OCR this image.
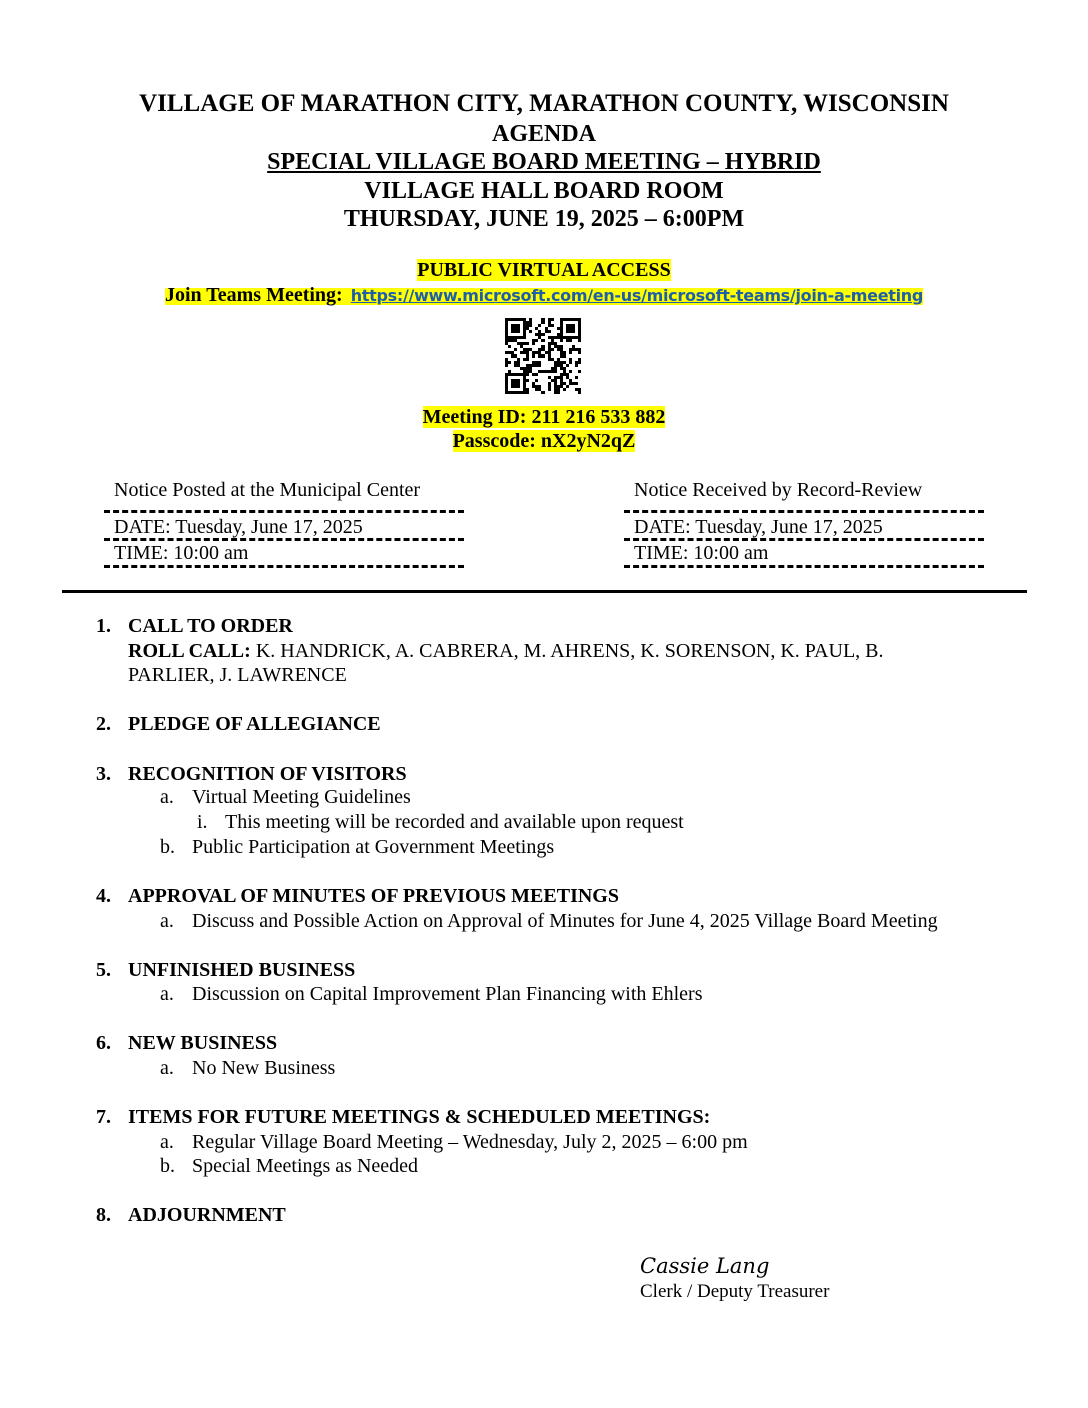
VILLAGE OF MARATHON CITY, MARATHON COUNTY, WISCONSIN
AGENDA
SPECIAL VILLAGE BOARD MEETING – HYBRID
VILLAGE HALL BOARD ROOM
THURSDAY, JUNE 19, 2025 – 6:00PM
PUBLIC VIRTUAL ACCESS
Join Teams Meeting: https://www.microsoft.com/en-us/microsoft-teams/join-a-meeting
Meeting ID: 211 216 533 882
Passcode: nX2yN2qZ
Notice Posted at the Municipal Center
DATE: Tuesday, June 17, 2025
TIME: 10:00 am
Notice Received by Record-Review
DATE: Tuesday, June 17, 2025
TIME: 10:00 am
1. CALL TO ORDER
ROLL CALL: K. HANDRICK, A. CABRERA, M. AHRENS, K. SORENSON, K. PAUL, B.
PARLIER, J. LAWRENCE
2. PLEDGE OF ALLEGIANCE
3. RECOGNITION OF VISITORS
a. Virtual Meeting Guidelines
i. This meeting will be recorded and available upon request
b. Public Participation at Government Meetings
4. APPROVAL OF MINUTES OF PREVIOUS MEETINGS
a. Discuss and Possible Action on Approval of Minutes for June 4, 2025 Village Board Meeting
5. UNFINISHED BUSINESS
a. Discussion on Capital Improvement Plan Financing with Ehlers
6. NEW BUSINESS
a. No New Business
7. ITEMS FOR FUTURE MEETINGS & SCHEDULED MEETINGS:
a. Regular Village Board Meeting – Wednesday, July 2, 2025 – 6:00 pm
b. Special Meetings as Needed
8. ADJOURNMENT
Cassie Lang
Clerk / Deputy Treasurer
